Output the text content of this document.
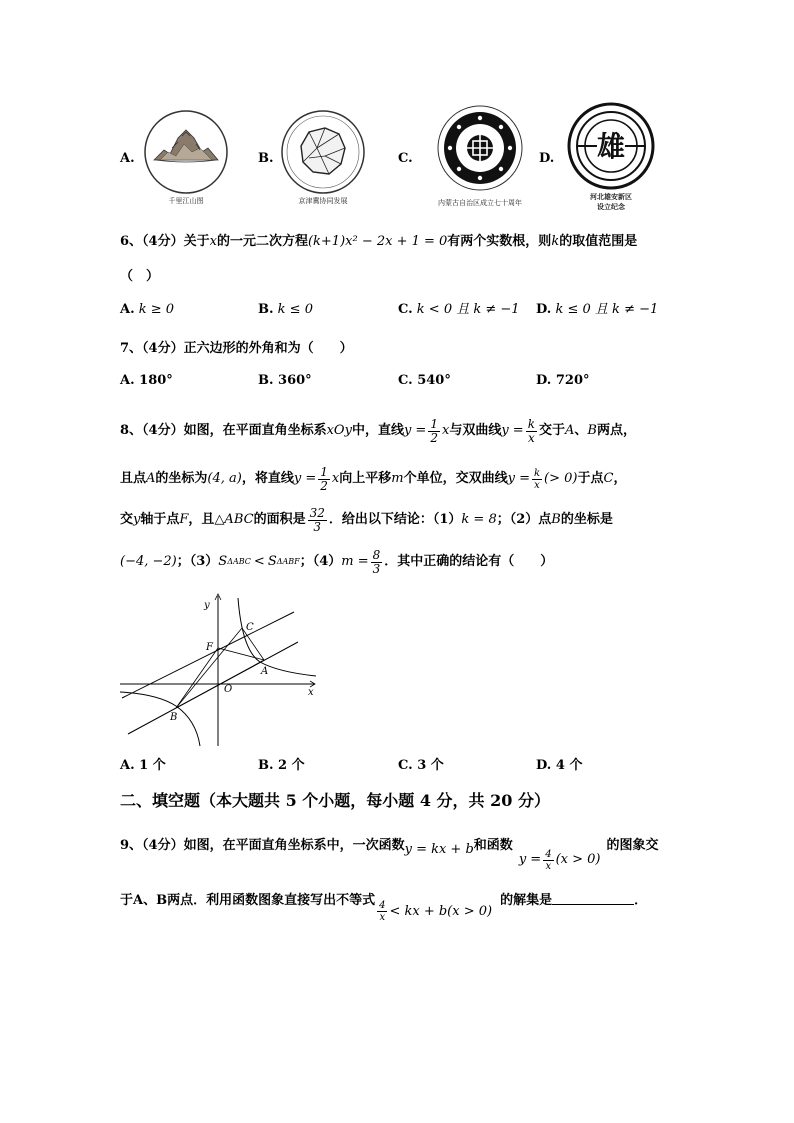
A.
千里江山图
B.
京津冀协同发展
C.
内蒙古自治区成立七十周年
D. 雄
河北雄安新区
设立纪念
6、（4分）关于x的一元二次方程(k+1)x² − 2x + 1 = 0有两个实数根，则k的取值范围是
（　）
A. k ≥ 0	B. k ≤ 0	C. k < 0 且 k ≠ −1 D. k ≤ 0 且 k ≠ −1
7、（4分）正六边形的外角和为（　　）
A. 180°	B. 360°	C. 540°	D. 720°
8、（4分）如图，在平面直角坐标系 xOy 中，直线 $y = \frac{1}{2}$ x 与双曲线 $y = \frac{k}{x}$ 交于 A 、 B 两点，
且点 A 的坐标为 (4, a) ，将直线 $y = \frac{1}{2}$ x 向上平移 m 个单位，交双曲线 $y = \frac{k}{x}$ (> 0) 于点 C ，
交 y 轴于点 F ，且 △ABC 的面积是 $\frac{32}{3}$ ．给出以下结论：（1） k = 8 ；（2）点 B 的坐标是
(−4, −2) ；（3） S ΔABC < S ΔABF ；（4） $m = \frac{8}{3}$ ．其中正确的结论有（　　）
y
x
O
F
C
A
B
A. 1 个	B. 2 个	C. 3 个	D. 4 个
二、填空题（本大题共 5 个小题，每小题 4 分，共 20 分）
9、（4分）如图，在平面直角坐标系中，一次函数 y = kx + b 和函数
$y = \frac{4}{x} (x > 0)$
的图象交
于A、B两点．利用函数图象直接写出不等式 $\frac{4}{x}$ < kx + b(x > 0)
的解集是	．
